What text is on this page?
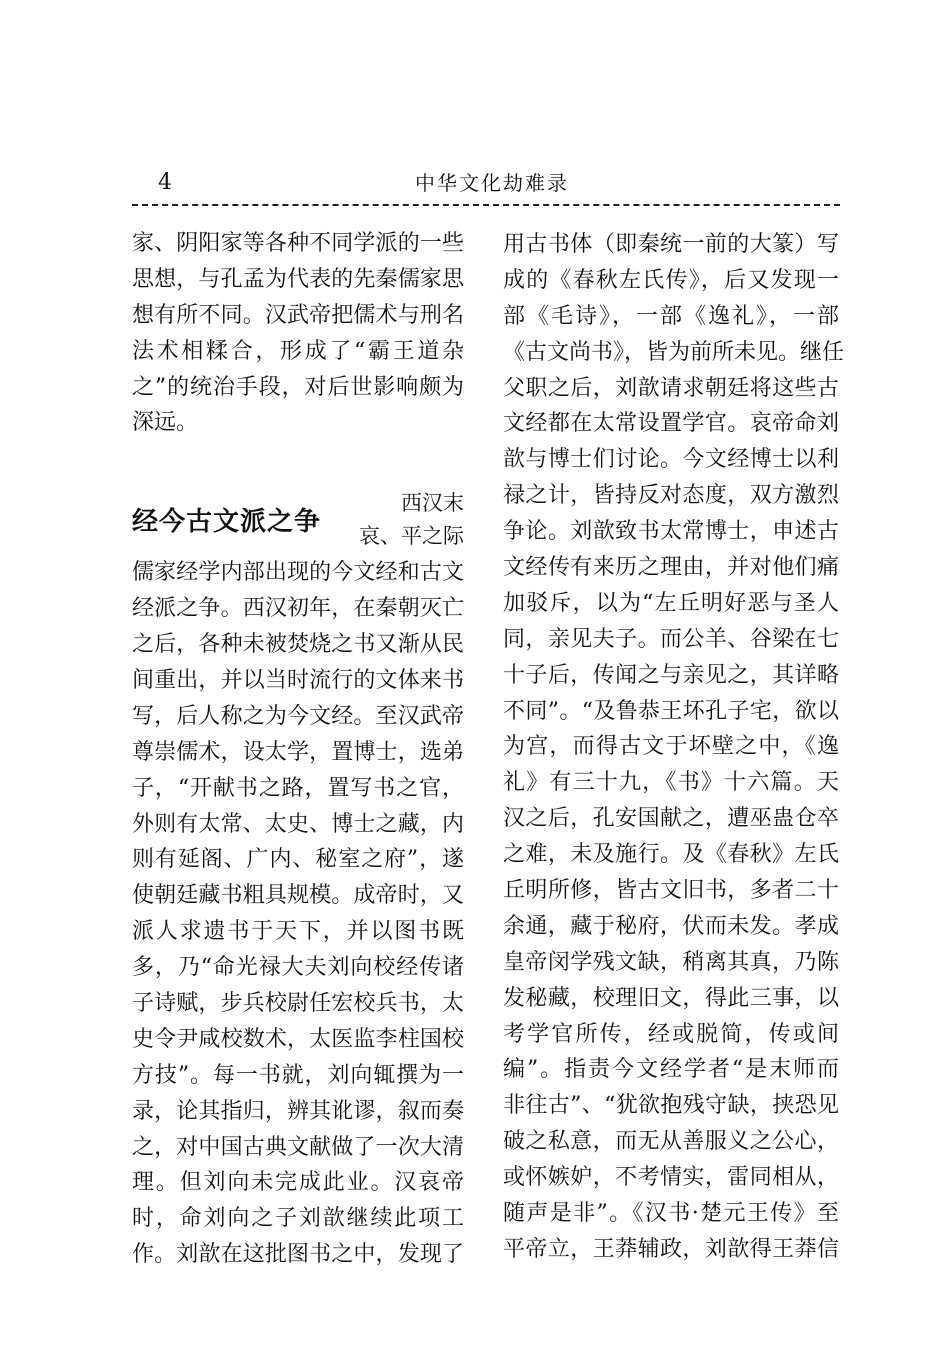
4	中华文化劫难录
家、阴阳家等各种不同学派的一些
思想，与孔孟为代表的先秦儒家思
想有所不同。汉武帝把儒术与刑名
法术相糅合，形成了“霸王道杂
之”的统治手段，对后世影响颇为
深远。
经今古文派之争
西汉末
哀、平之际
儒家经学内部出现的今文经和古文
经派之争。西汉初年，在秦朝灭亡
之后，各种未被焚烧之书又渐从民
间重出，并以当时流行的文体来书
写，后人称之为今文经。至汉武帝
尊崇儒术，设太学，置博士，选弟
子，“开献书之路，置写书之官，
外则有太常、太史、博士之藏，内
则有延阁、广内、秘室之府”，遂
使朝廷藏书粗具规模。成帝时，又
派人求遗书于天下，并以图书既
多，乃“命光禄大夫刘向校经传诸
子诗赋，步兵校尉任宏校兵书，太
史令尹咸校数术，太医监李柱国校
方技”。每一书就，刘向辄撰为一
录，论其指归，辨其讹谬，叙而奏
之，对中国古典文献做了一次大清
理。但刘向未完成此业。汉哀帝
时，命刘向之子刘歆继续此项工
作。刘歆在这批图书之中，发现了
用古书体（即秦统一前的大篆）写
成的《春秋左氏传》，后又发现一
部《毛诗》，一部《逸礼》，一部
《古文尚书》，皆为前所未见。继任
父职之后，刘歆请求朝廷将这些古
文经都在太常设置学官。哀帝命刘
歆与博士们讨论。今文经博士以利
禄之计，皆持反对态度，双方激烈
争论。刘歆致书太常博士，申述古
文经传有来历之理由，并对他们痛
加驳斥，以为“左丘明好恶与圣人
同，亲见夫子。而公羊、谷梁在七
十子后，传闻之与亲见之，其详略
不同”。“及鲁恭王坏孔子宅，欲以
为宫，而得古文于坏壁之中，《逸
礼》有三十九，《书》十六篇。天
汉之后，孔安国献之，遭巫蛊仓卒
之难，未及施行。及《春秋》左氏
丘明所修，皆古文旧书，多者二十
余通，藏于秘府，伏而未发。孝成
皇帝闵学残文缺，稍离其真，乃陈
发秘藏，校理旧文，得此三事，以
考学官所传，经或脱简，传或间
编”。指责今文经学者“是末师而
非往古”、“犹欲抱残守缺，挟恐见
破之私意，而无从善服义之公心，
或怀嫉妒，不考情实，雷同相从，
随声是非”。《汉书·楚元王传》至
平帝立，王莽辅政，刘歆得王莽信
